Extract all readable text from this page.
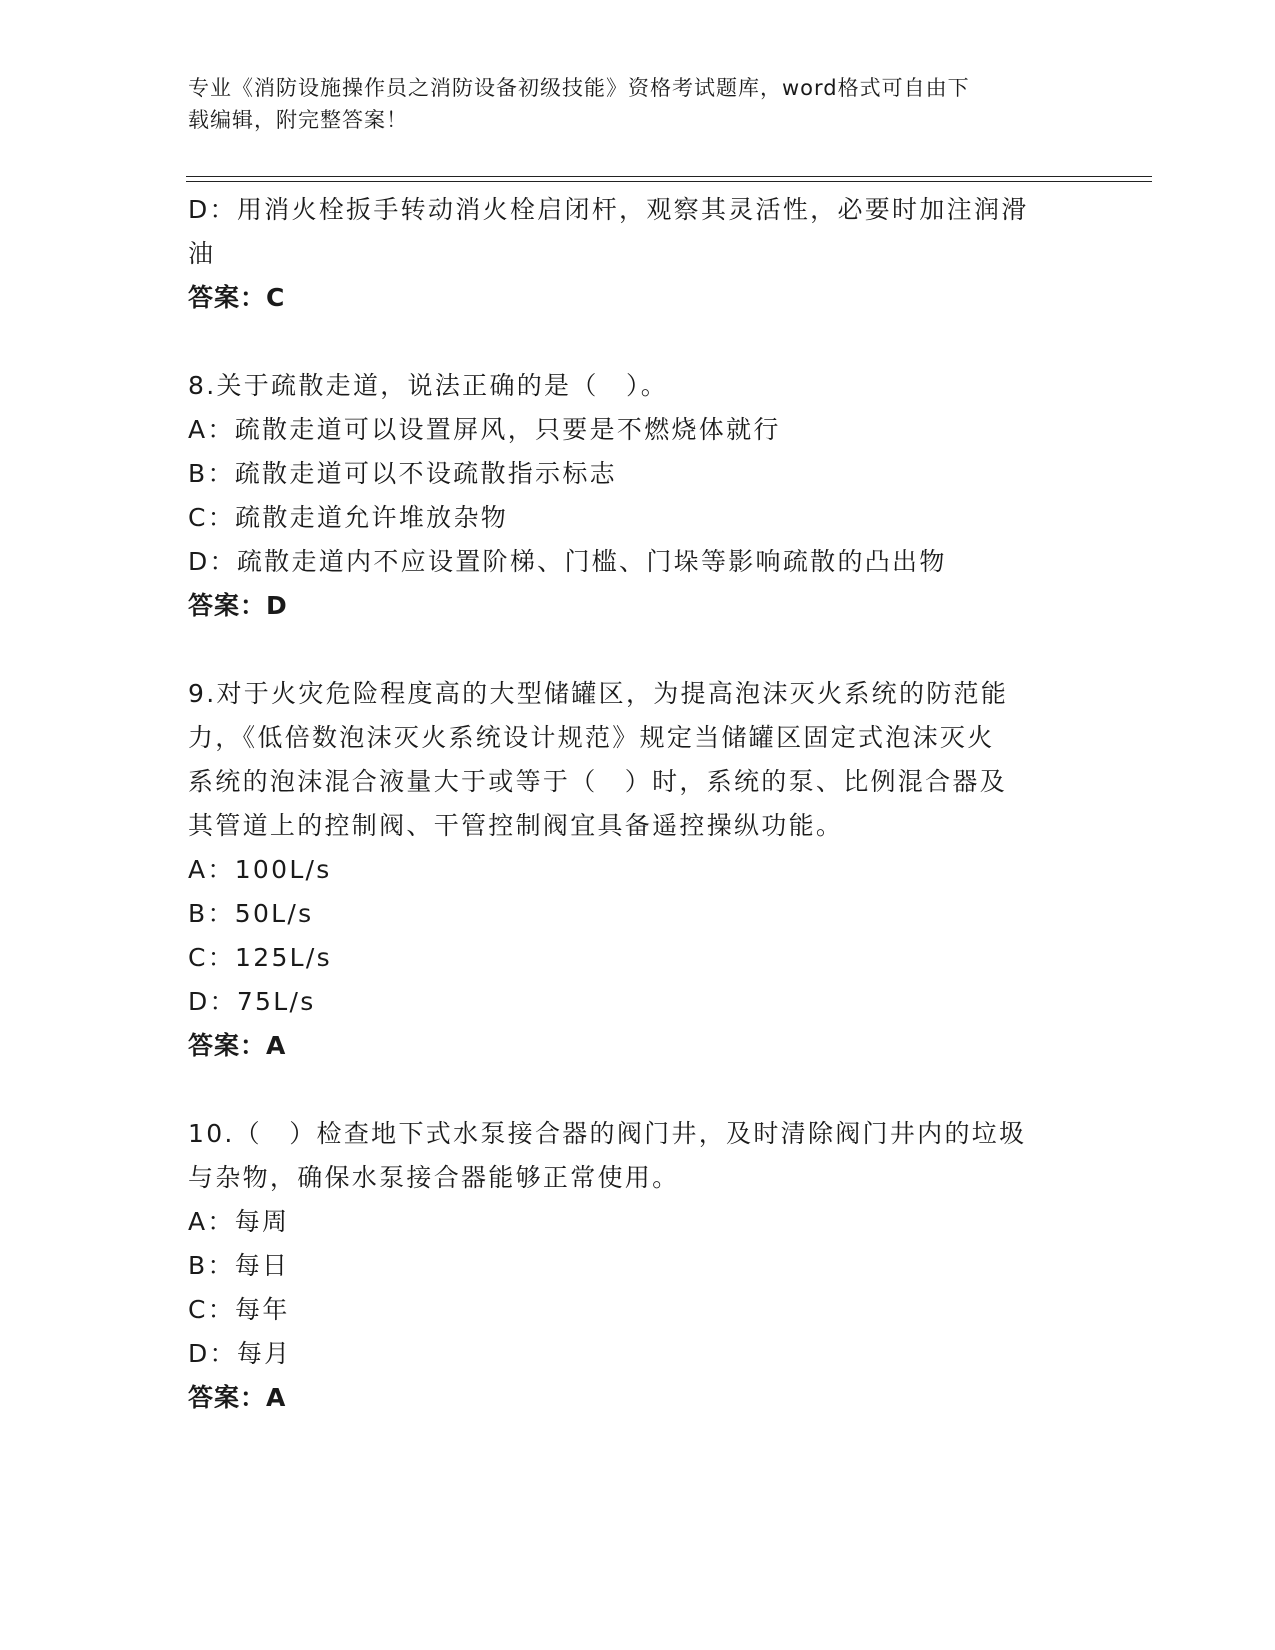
专业《消防设施操作员之消防设备初级技能》资格考试题库，word格式可自由下
载编辑，附完整答案！
D：用消火栓扳手转动消火栓启闭杆，观察其灵活性，必要时加注润滑
油
答案：C
8.关于疏散走道，说法正确的是（　）。
A：疏散走道可以设置屏风，只要是不燃烧体就行
B：疏散走道可以不设疏散指示标志
C：疏散走道允许堆放杂物
D：疏散走道内不应设置阶梯、门槛、门垛等影响疏散的凸出物
答案：D
9.对于火灾危险程度高的大型储罐区，为提高泡沫灭火系统的防范能
力，《低倍数泡沫灭火系统设计规范》规定当储罐区固定式泡沫灭火
系统的泡沫混合液量大于或等于（　）时，系统的泵、比例混合器及
其管道上的控制阀、干管控制阀宜具备遥控操纵功能。
A：100L/s
B：50L/s
C：125L/s
D：75L/s
答案：A
10.（　）检查地下式水泵接合器的阀门井，及时清除阀门井内的垃圾
与杂物，确保水泵接合器能够正常使用。
A：每周
B：每日
C：每年
D：每月
答案：A
